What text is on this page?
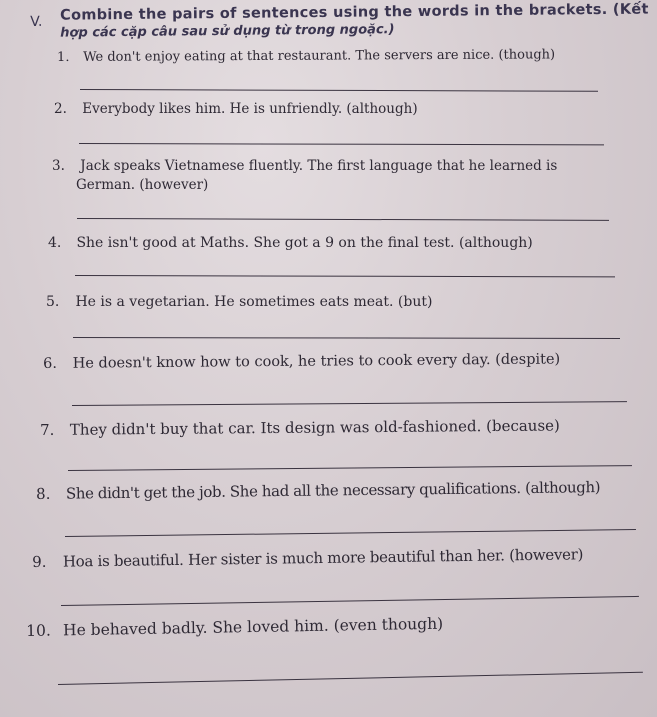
V. Combine the pairs of sentences using the words in the brackets. (Kết
hợp các cặp câu sau sử dụng từ trong ngoặc.)
1. We don't enjoy eating at that restaurant. The servers are nice. (though)
2. Everybody likes him. He is unfriendly. (although)
3. Jack speaks Vietnamese fluently. The first language that he learned is
German. (however)
4. She isn't good at Maths. She got a 9 on the final test. (although)
5. He is a vegetarian. He sometimes eats meat. (but)
6. He doesn't know how to cook, he tries to cook every day. (despite)
7. They didn't buy that car. Its design was old-fashioned. (because)
8. She didn't get the job. She had all the necessary qualifications. (although)
9. Hoa is beautiful. Her sister is much more beautiful than her. (however)
10. He behaved badly. She loved him. (even though)
